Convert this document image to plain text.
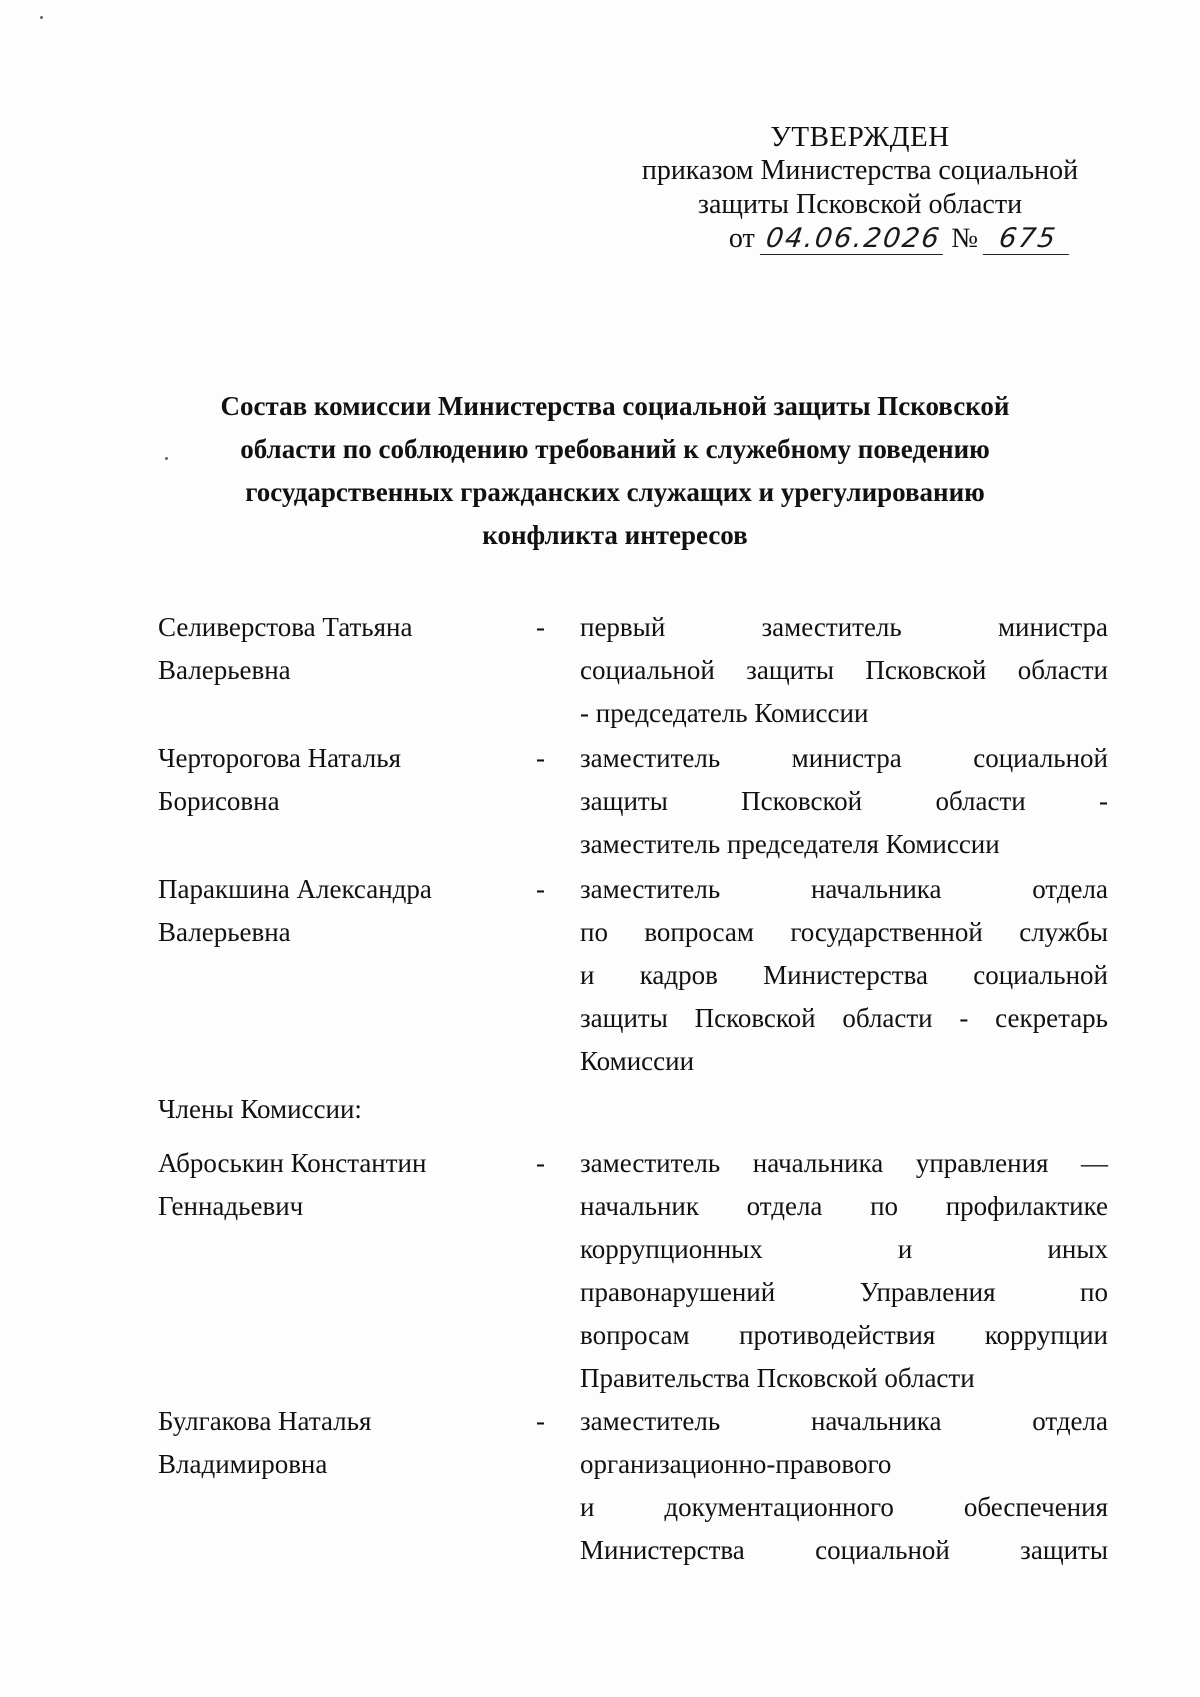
УТВЕРЖДЕН
приказом Министерства социальной
защиты Псковской области
от 04.06.2026 № 675
Состав комиссии Министерства социальной защиты Псковской
области по соблюдению требований к служебному поведению
государственных гражданских служащих и урегулированию
конфликта интересов
Селиверстова Татьяна
Валерьевна
- первый заместитель министра
социальной защиты Псковской области
- председатель Комиссии
Черторогова Наталья
Борисовна
- заместитель министра социальной
защиты Псковской области -
заместитель председателя Комиссии
Паракшина Александра
Валерьевна
- заместитель начальника отдела
по вопросам государственной службы
и кадров Министерства социальной
защиты Псковской области - секретарь
Комиссии
Члены Комиссии:
Аброськин Константин
Геннадьевич
- заместитель начальника управления —
начальник отдела по профилактике
коррупционных и иных
правонарушений Управления по
вопросам противодействия коррупции
Правительства Псковской области
Булгакова Наталья
Владимировна
- заместитель начальника отдела
организационно-правового
и документационного обеспечения
Министерства социальной защиты
